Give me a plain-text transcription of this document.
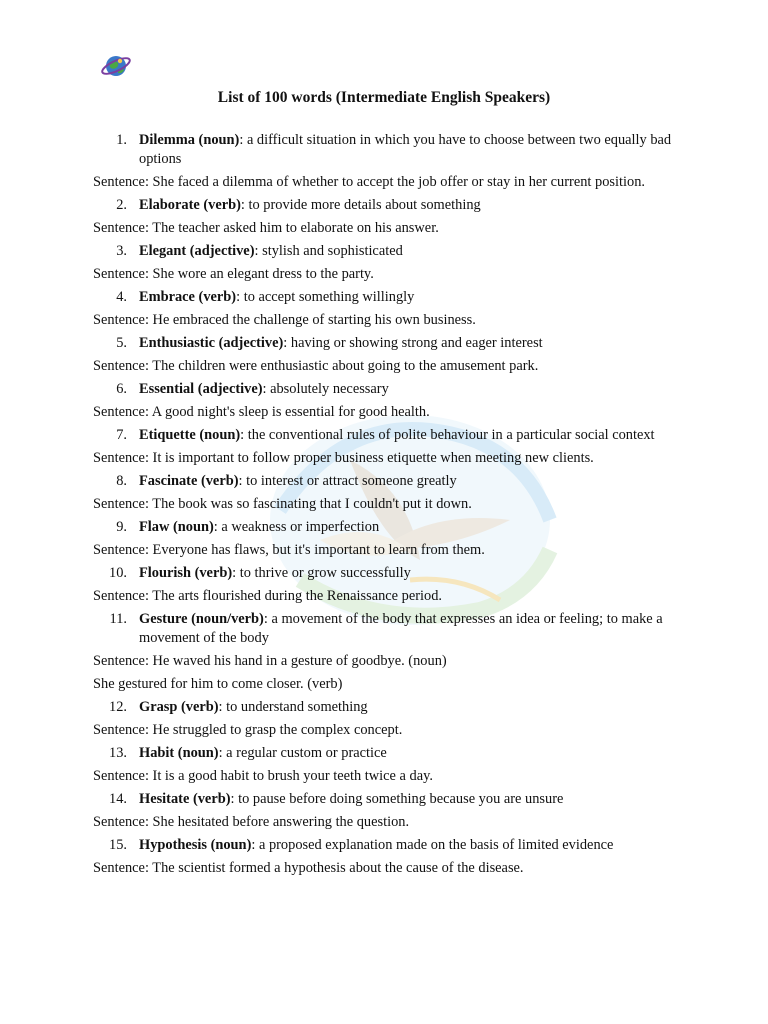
List of 100 words (Intermediate English Speakers)

1. Dilemma (noun): a difficult situation in which you have to choose between two equally bad options

Sentence: She faced a dilemma of whether to accept the job offer or stay in her current position.

2. Elaborate (verb): to provide more details about something

Sentence: The teacher asked him to elaborate on his answer.

3. Elegant (adjective): stylish and sophisticated

Sentence: She wore an elegant dress to the party.

4. Embrace (verb): to accept something willingly

Sentence: He embraced the challenge of starting his own business.

5. Enthusiastic (adjective): having or showing strong and eager interest

Sentence: The children were enthusiastic about going to the amusement park.

6. Essential (adjective): absolutely necessary

Sentence: A good night's sleep is essential for good health.

7. Etiquette (noun): the conventional rules of polite behaviour in a particular social context

Sentence: It is important to follow proper business etiquette when meeting new clients.

8. Fascinate (verb): to interest or attract someone greatly

Sentence: The book was so fascinating that I couldn't put it down.

9. Flaw (noun): a weakness or imperfection

Sentence: Everyone has flaws, but it's important to learn from them.

10. Flourish (verb): to thrive or grow successfully

Sentence: The arts flourished during the Renaissance period.

11. Gesture (noun/verb): a movement of the body that expresses an idea or feeling; to make a movement of the body

Sentence: He waved his hand in a gesture of goodbye. (noun)

She gestured for him to come closer. (verb)

12. Grasp (verb): to understand something

Sentence: He struggled to grasp the complex concept.

13. Habit (noun): a regular custom or practice

Sentence: It is a good habit to brush your teeth twice a day.

14. Hesitate (verb): to pause before doing something because you are unsure

Sentence: She hesitated before answering the question.

15. Hypothesis (noun): a proposed explanation made on the basis of limited evidence

Sentence: The scientist formed a hypothesis about the cause of the disease.
